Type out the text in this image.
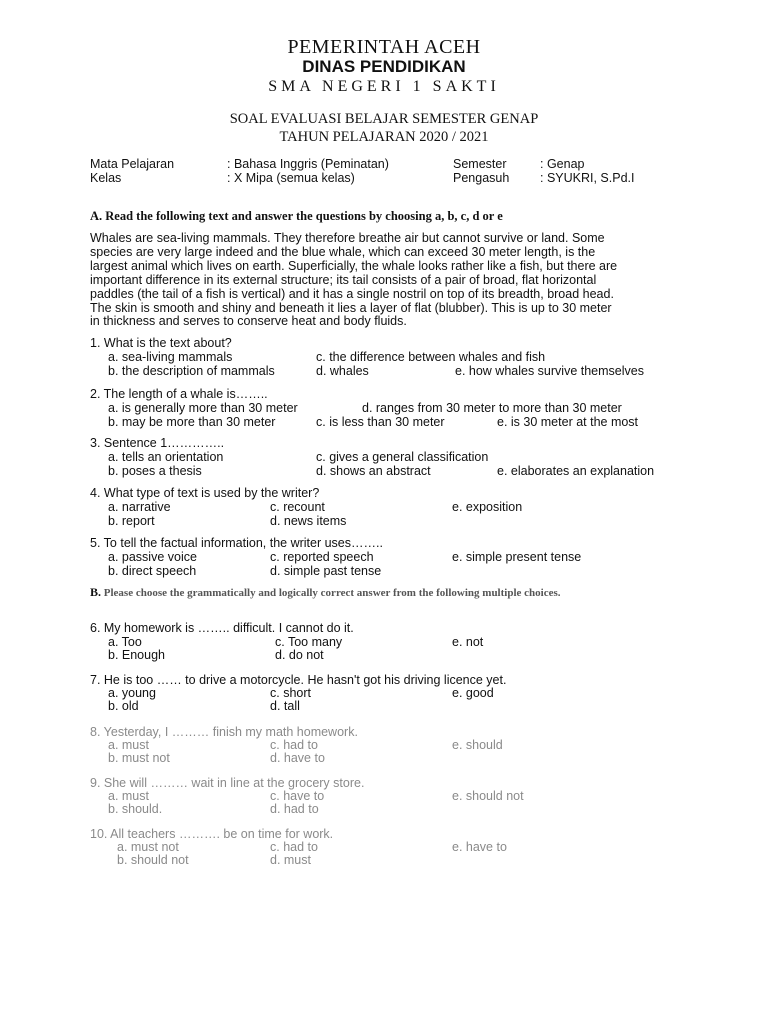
PEMERINTAH ACEH
DINAS PENDIDIKAN
SMA NEGERI 1 SAKTI
SOAL EVALUASI BELAJAR SEMESTER GENAP
TAHUN PELAJARAN 2020 / 2021
Mata Pelajaran	: Bahasa Inggris (Peminatan)	Semester	: Genap
Kelas	: X Mipa (semua kelas)	Pengasuh : SYUKRI, S.Pd.I
A. Read the following text and answer the questions by choosing a, b, c, d or e
Whales are sea-living mammals. They therefore breathe air but cannot survive or land. Some
species are very large indeed and the blue whale, which can exceed 30 meter length, is the
largest animal which lives on earth. Superficially, the whale looks rather like a fish, but there are
important difference in its external structure; its tail consists of a pair of broad, flat horizontal
paddles (the tail of a fish is vertical) and it has a single nostril on top of its breadth, broad head.
The skin is smooth and shiny and beneath it lies a layer of flat (blubber). This is up to 30 meter
in thickness and serves to conserve heat and body fluids.
1. What is the text about?
a. sea-living mammals	c. the difference between whales and fish
b. the description of mammals	d. whales	e. how whales survive themselves
2. The length of a whale is……..
a. is generally more than 30 meter	d. ranges from 30 meter to more than 30 meter
b. may be more than 30 meter	c. is less than 30 meter	e. is 30 meter at the most
3. Sentence 1…………..
a. tells an orientation	c. gives a general classification
b. poses a thesis	d. shows an abstract	e. elaborates an explanation
4. What type of text is used by the writer?
a. narrative	c. recount	e. exposition
b. report	d. news items
5. To tell the factual information, the writer uses……..
a. passive voice	c. reported speech	e. simple present tense
b. direct speech	d. simple past tense
B. Please choose the grammatically and logically correct answer from the following multiple choices.
6. My homework is …….. difficult. I cannot do it.
a. Too	c. Too many	e. not
b. Enough	d. do not
7. He is too …… to drive a motorcycle. He hasn't got his driving licence yet.
a. young	c. short	e. good
b. old	d. tall
8. Yesterday, I ……… finish my math homework.
a. must	c. had to	e. should
b. must not	d. have to
9. She will ……… wait in line at the grocery store.
a. must	c. have to	e. should not
b. should.	d. had to
10. All teachers ………. be on time for work.
a. must not	c. had to	e. have to
b. should not	d. must
